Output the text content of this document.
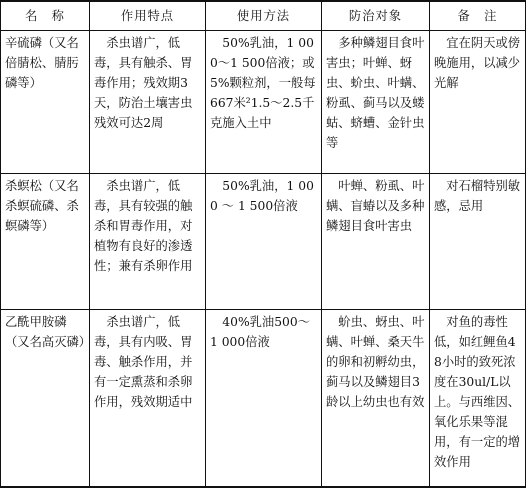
名　称	作用特点	使用方法	防治对象	备　注
辛硫磷（又名倍腈松、腈肟磷等）	杀虫谱广，低毒，具有触杀、胃毒作用；残效期3天，防治土壤害虫残效可达2周	50%乳油，1 000～1 500倍液；或5%颗粒剂，一般每667米²1.5～2.5千克施入土中	多种鳞翅目食叶害虫；叶蝉、蚜虫、蚧虫、叶螨、粉虱、蓟马以及蝼蛄、蛴螬、金针虫等	宜在阴天或傍晚施用，以减少光解
杀螟松（又名杀螟硫磷、杀螟磷等）	杀虫谱广，低毒，具有较强的触杀和胃毒作用，对植物有良好的渗透性；兼有杀卵作用	50%乳油，1 000 ～ 1 500倍液	叶蝉、粉虱、叶螨、盲蝽以及多种鳞翅目食叶害虫	对石榴特别敏感，忌用
乙酰甲胺磷（又名高灭磷）	杀虫谱广，低毒，具有内吸、胃毒、触杀作用，并有一定熏蒸和杀卵作用，残效期适中	40%乳油500～1 000倍液	蚧虫、蚜虫、叶螨、叶蝉、桑天牛的卵和初孵幼虫，蓟马以及鳞翅目3龄以上幼虫也有效	对鱼的毒性低，如红鲤鱼48小时的致死浓度在30ul/L以上。与西维因、氧化乐果等混用，有一定的增效作用
